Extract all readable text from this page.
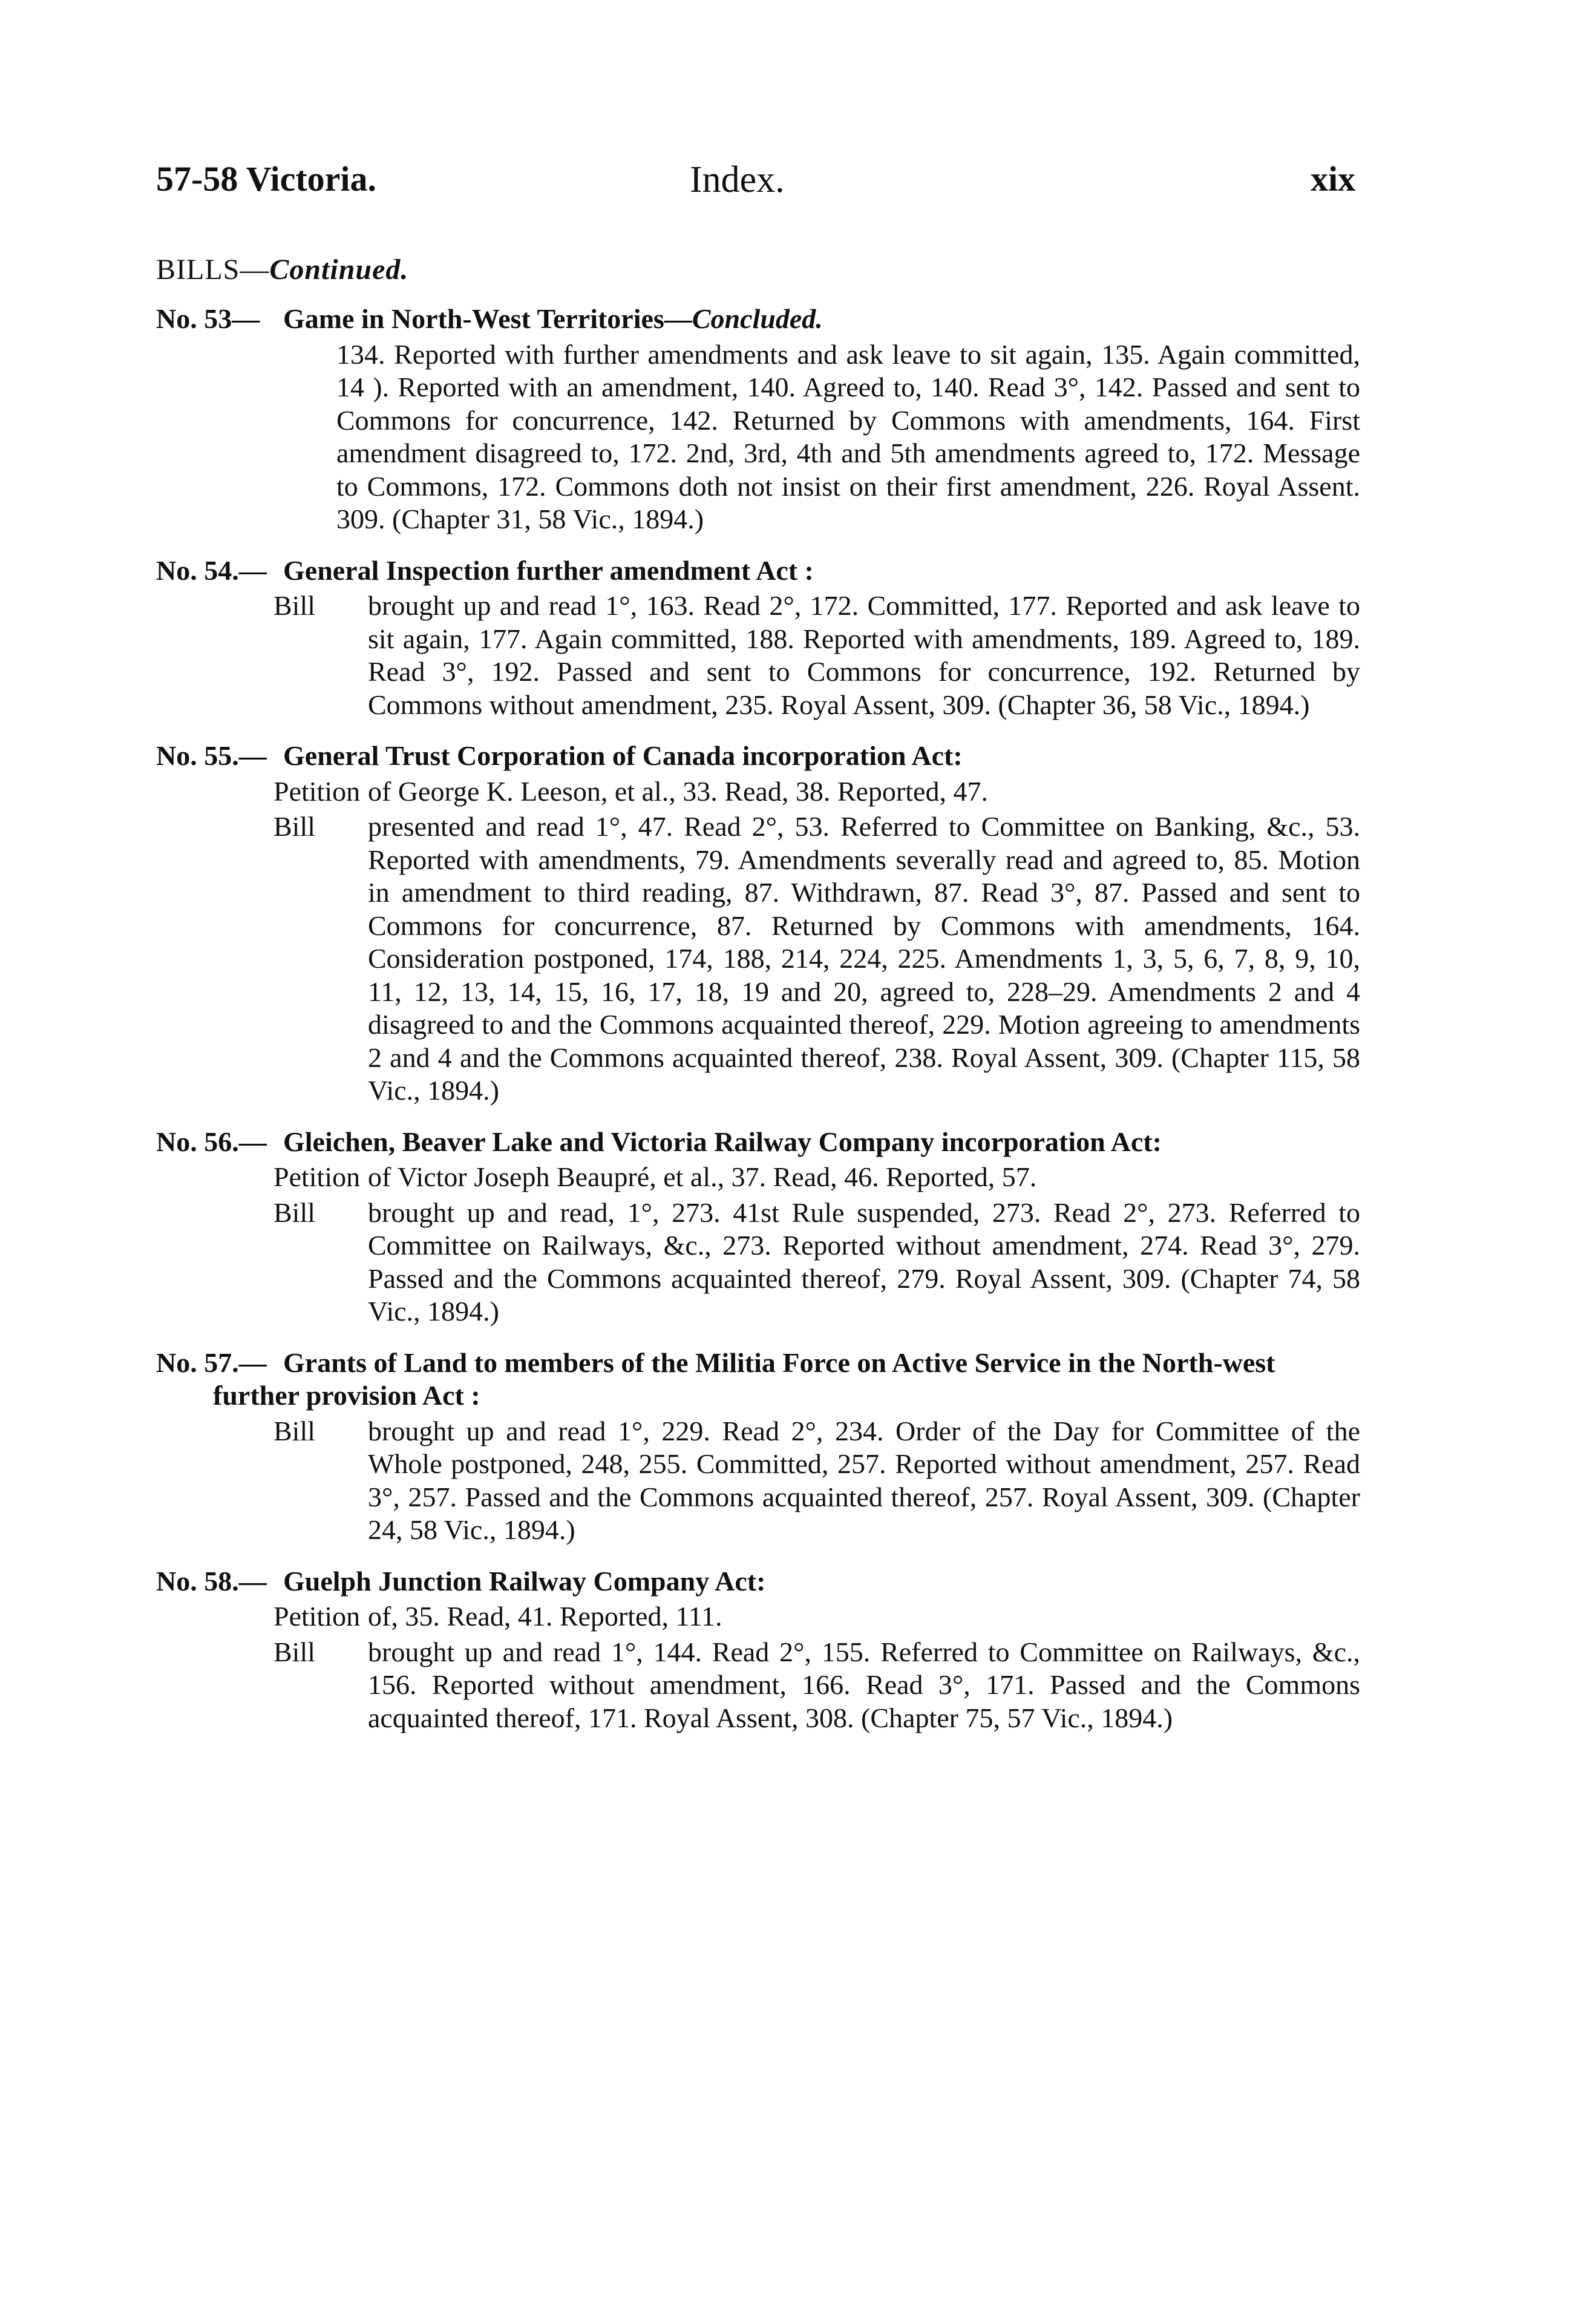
57-58 Victoria.	Index.	xix
BILLS—Continued.
No. 53— Game in North-West Territories—Concluded.

134. Reported with further amendments and ask leave to sit again, 135. Again committed, 14 ). Reported with an amendment, 140. Agreed to, 140. Read 3°, 142. Passed and sent to Commons for concurrence, 142. Returned by Commons with amendments, 164. First amendment disagreed to, 172. 2nd, 3rd, 4th and 5th amendments agreed to, 172. Message to Commons, 172. Commons doth not insist on their first amendment, 226. Royal Assent. 309. (Chapter 31, 58 Vic., 1894.)

No. 54.— General Inspection further amendment Act :
Bill brought up and read 1°, 163. Read 2°, 172. Committed, 177. Reported and ask leave to sit again, 177. Again committed, 188. Reported with amendments, 189. Agreed to, 189. Read 3°, 192. Passed and sent to Commons for concurrence, 192. Returned by Commons without amendment, 235. Royal Assent, 309. (Chapter 36, 58 Vic., 1894.)

No. 55.— General Trust Corporation of Canada incorporation Act:
Petition of George K. Leeson, et al., 33. Read, 38. Reported, 47.

Bill presented and read 1°, 47. Read 2°, 53. Referred to Committee on Banking, &c., 53. Reported with amendments, 79. Amendments severally read and agreed to, 85. Motion in amendment to third reading, 87. Withdrawn, 87. Read 3°, 87. Passed and sent to Commons for concurrence, 87. Returned by Commons with amendments, 164. Consideration postponed, 174, 188, 214, 224, 225. Amendments 1, 3, 5, 6, 7, 8, 9, 10, 11, 12, 13, 14, 15, 16, 17, 18, 19 and 20, agreed to, 228–29. Amendments 2 and 4 disagreed to and the Commons acquainted thereof, 229. Motion agreeing to amendments 2 and 4 and the Commons acquainted thereof, 238. Royal Assent, 309. (Chapter 115, 58 Vic., 1894.)

No. 56.— Gleichen, Beaver Lake and Victoria Railway Company incorporation Act:
Petition of Victor Joseph Beaupré, et al., 37. Read, 46. Reported, 57.

Bill brought up and read, 1°, 273. 41st Rule suspended, 273. Read 2°, 273. Referred to Committee on Railways, &c., 273. Reported without amendment, 274. Read 3°, 279. Passed and the Commons acquainted thereof, 279. Royal Assent, 309. (Chapter 74, 58 Vic., 1894.)

No. 57.— Grants of Land to members of the Militia Force on Active Service in the North-west further provision Act :
Bill brought up and read 1°, 229. Read 2°, 234. Order of the Day for Committee of the Whole postponed, 248, 255. Committed, 257. Reported without amendment, 257. Read 3°, 257. Passed and the Commons acquainted thereof, 257. Royal Assent, 309. (Chapter 24, 58 Vic., 1894.)

No. 58.— Guelph Junction Railway Company Act:
Petition of, 35. Read, 41. Reported, 111.

Bill brought up and read 1°, 144. Read 2°, 155. Referred to Committee on Railways, &c., 156. Reported without amendment, 166. Read 3°, 171. Passed and the Commons acquainted thereof, 171. Royal Assent, 308. (Chapter 75, 57 Vic., 1894.)
